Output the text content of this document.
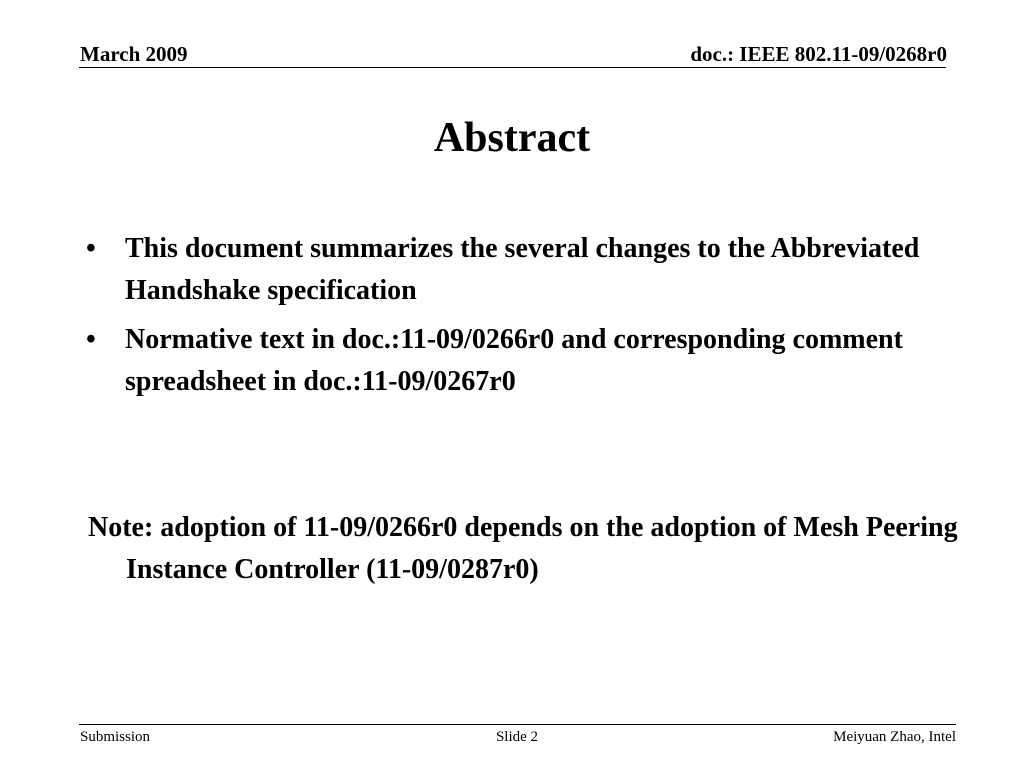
March 2009	doc.: IEEE 802.11-09/0268r0
Abstract
•	This document summarizes the several changes to the Abbreviated Handshake specification
•	Normative text in doc.:11-09/0266r0 and corresponding comment spreadsheet in doc.:11-09/0267r0
Note: adoption of 11-09/0266r0 depends on the adoption of Mesh Peering Instance Controller (11-09/0287r0)
Submission	Slide 2	Meiyuan Zhao, Intel
